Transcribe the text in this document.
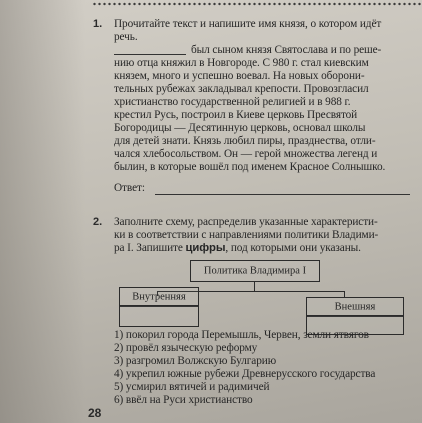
1. Прочитайте текст и напишите имя князя, о котором идёт
речь.
был сыном князя Святослава и по реше-
нию отца княжил в Новгороде. С 980 г. стал киевским
князем, много и успешно воевал. На новых оборони-
тельных рубежах закладывал крепости. Провозгласил
христианство государственной религией и в 988 г.
крестил Русь, построил в Киеве церковь Пресвятой
Богородицы — Десятинную церковь, основал школы
для детей знати. Князь любил пиры, празднества, отли-
чался хлебосольством. Он — герой множества легенд и
былин, в которые вошёл под именем Красное Солнышко.
Ответ:
2. Заполните схему, распределив указанные характеристи-
ки в соответствии с направлениями политики Владими-
ра I. Запишите цифры, под которыми они указаны.
Политика Владимира I
Внутренняя
Внешняя
1) покорил города Перемышль, Червен, земли ятвягов
2) провёл языческую реформу
3) разгромил Волжскую Булгарию
4) укрепил южные рубежи Древнерусского государства
5) усмирил вятичей и радимичей
6) ввёл на Руси христианство
28
